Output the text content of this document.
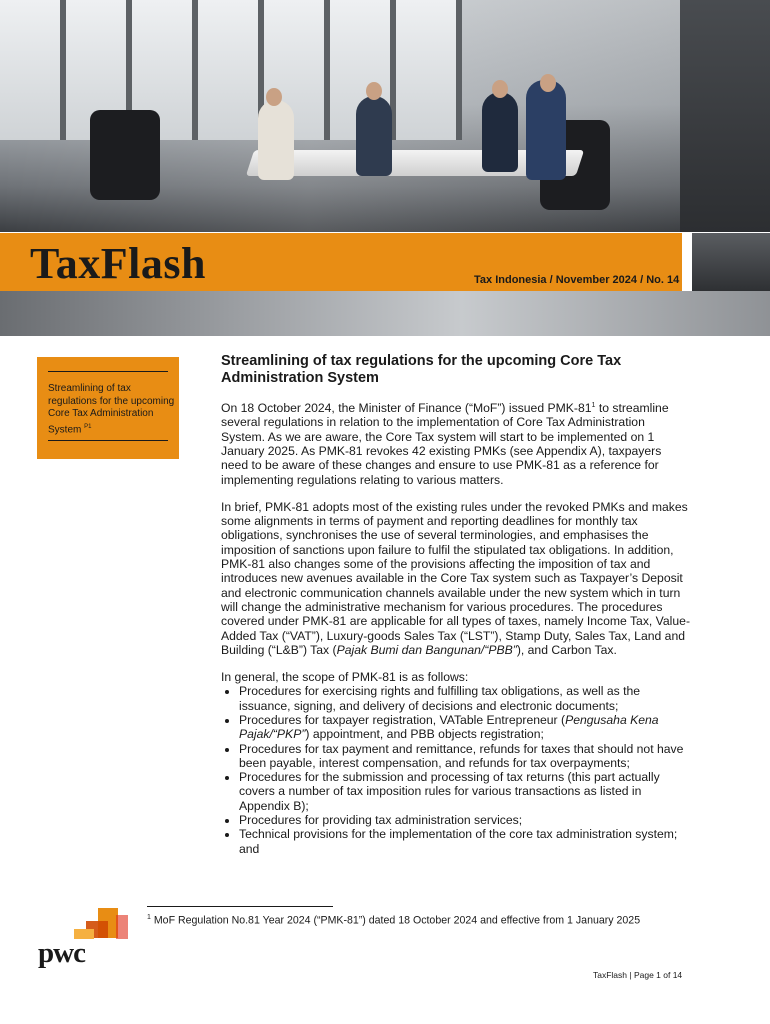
TaxFlash	Tax Indonesia / November 2024 / No. 14
Streamlining of tax regulations for the upcoming Core Tax Administration System $^{P1}$
Streamlining of tax regulations for the upcoming Core Tax Administration System

On 18 October 2024, the Minister of Finance (“MoF”) issued PMK-$81^1$ to streamline several regulations in relation to the implementation of Core Tax Administration System. As we are aware, the Core Tax system will start to be implemented on 1 January 2025. As PMK-81 revokes 42 existing PMKs (see Appendix A), taxpayers need to be aware of these changes and ensure to use PMK-81 as a reference for implementing regulations relating to various matters.

In brief, PMK-81 adopts most of the existing rules under the revoked PMKs and makes some alignments in terms of payment and reporting deadlines for monthly tax obligations, synchronises the use of several terminologies, and emphasises the imposition of sanctions upon failure to fulfil the stipulated tax obligations. In addition, PMK-81 also changes some of the provisions affecting the imposition of tax and introduces new avenues available in the Core Tax system such as Taxpayer’s Deposit and electronic communication channels available under the new system which in turn will change the administrative mechanism for various procedures. The procedures covered under PMK-81 are applicable for all types of taxes, namely Income Tax, Value-Added Tax (“VAT”), Luxury-goods Sales Tax (“LST”), Stamp Duty, Sales Tax, Land and Building (“L&B”) Tax (Pajak Bumi dan Bangunan/“PBB”), and Carbon Tax.

In general, the scope of PMK-81 is as follows:

• Procedures for exercising rights and fulfilling tax obligations, as well as the issuance, signing, and delivery of decisions and electronic documents;
• Procedures for taxpayer registration, VATable Entrepreneur (Pengusaha Kena Pajak/“PKP”) appointment, and PBB objects registration;
• Procedures for tax payment and remittance, refunds for taxes that should not have been payable, interest compensation, and refunds for tax overpayments;
• Procedures for the submission and processing of tax returns (this part actually covers a number of tax imposition rules for various transactions as listed in Appendix B);
• Procedures for providing tax administration services;
• Technical provisions for the implementation of the core tax administration system; and
$^1$ MoF Regulation No.81 Year 2024 (“PMK-81”) dated 18 October 2024 and effective from 1 January 2025
pwc
TaxFlash | Page 1 of 14
